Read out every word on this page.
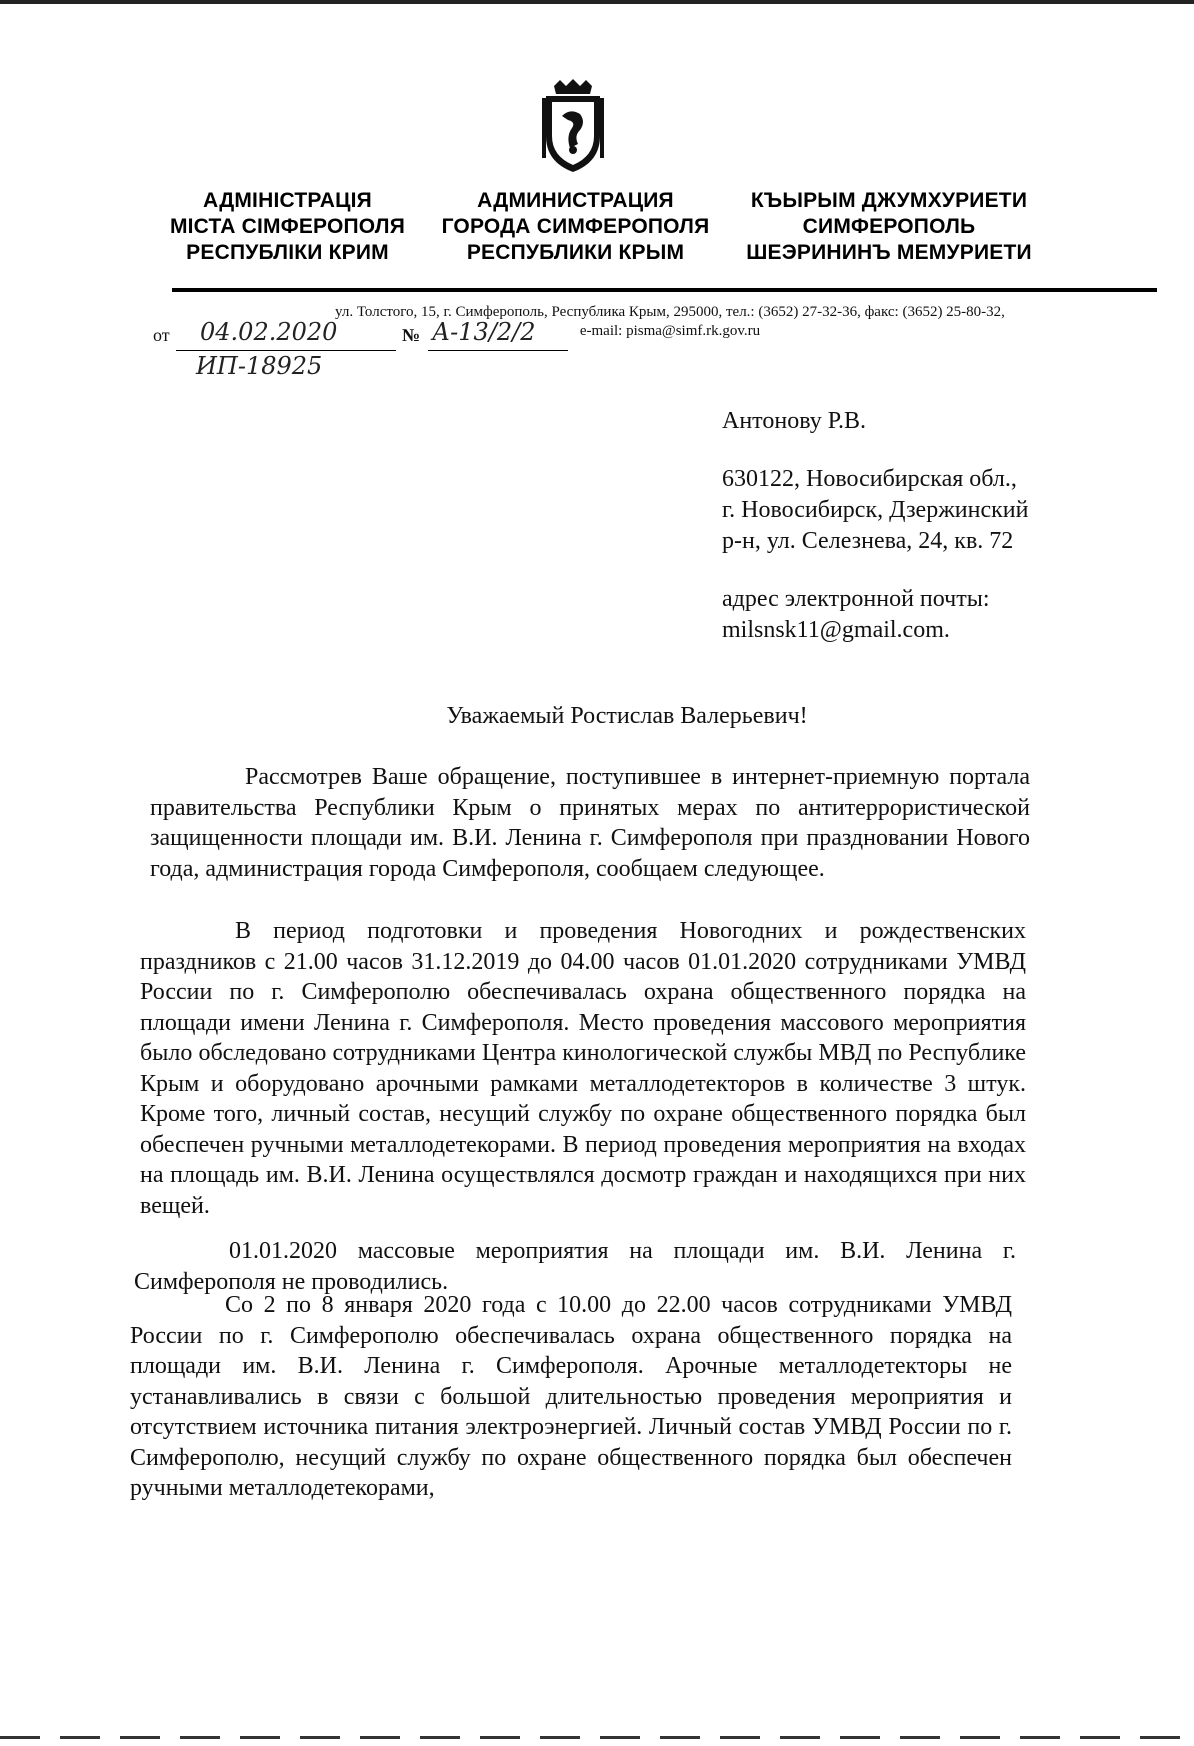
АДМІНІСТРАЦІЯ
МІСТА СІМФЕРОПОЛЯ
РЕСПУБЛІКИ КРИМ
АДМИНИСТРАЦИЯ
ГОРОДА СИМФЕРОПОЛЯ
РЕСПУБЛИКИ КРЫМ
КЪЫРЫМ ДЖУМХУРИЕТИ
СИМФЕРОПОЛЬ
ШЕЭРИНИНЪ МЕМУРИЕТИ
ул. Толстого, 15, г. Симферополь, Республика Крым, 295000, тел.: (3652) 27-32-36, факс: (3652) 25-80-32,
e-mail: pisma@simf.rk.gov.ru
от 04.02.2020	№ А-13/2/2
ИП-18925
Антонову Р.В.
630122, Новосибирская обл.,
г. Новосибирск, Дзержинский
р-н, ул. Селезнева, 24, кв. 72
адрес электронной почты:
milsnsk11@gmail.com.
Уважаемый Ростислав Валерьевич!
Рассмотрев Ваше обращение, поступившее в интернет-приемную портала правительства Республики Крым о принятых мерах по антитеррористической защищенности площади им. В.И. Ленина г. Симферополя при праздновании Нового года, администрация города Симферополя, сообщаем следующее.
В период подготовки и проведения Новогодних и рождественских праздников с 21.00 часов 31.12.2019 до 04.00 часов 01.01.2020 сотрудниками УМВД России по г. Симферополю обеспечивалась охрана общественного порядка на площади имени Ленина г. Симферополя. Место проведения массового мероприятия было обследовано сотрудниками Центра кинологической службы МВД по Республике Крым и оборудовано арочными рамками металлодетекторов в количестве 3 штук. Кроме того, личный состав, несущий службу по охране общественного порядка был обеспечен ручными металлодетекорами. В период проведения мероприятия на входах на площадь им. В.И. Ленина осуществлялся досмотр граждан и находящихся при них вещей.
01.01.2020 массовые мероприятия на площади им. В.И. Ленина г. Симферополя не проводились.
Со 2 по 8 января 2020 года с 10.00 до 22.00 часов сотрудниками УМВД России по г. Симферополю обеспечивалась охрана общественного порядка на площади им. В.И. Ленина г. Симферополя. Арочные металлодетекторы не устанавливались в связи с большой длительностью проведения мероприятия и отсутствием источника питания электроэнергией. Личный состав УМВД России по г. Симферополю, несущий службу по охране общественного порядка был обеспечен ручными металлодетекорами,
